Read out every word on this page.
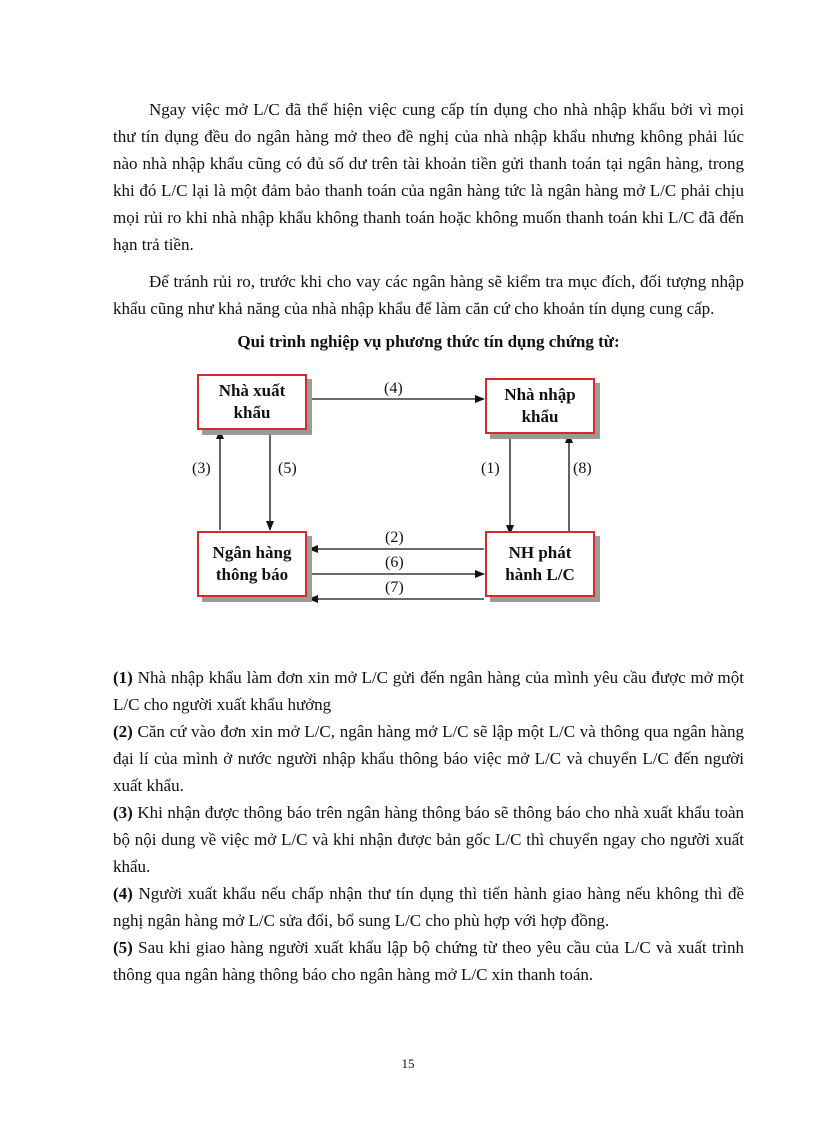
Ngay việc mở L/C đã thể hiện việc cung cấp tín dụng cho nhà nhập khẩu bởi vì mọi thư tín dụng đều do ngân hàng mở theo đề nghị của nhà nhập khẩu nhưng không phải lúc nào nhà nhập khẩu cũng có đủ số dư trên tài khoản tiền gửi thanh toán tại ngân hàng, trong khi đó L/C lại là một đảm bảo thanh toán của ngân hàng tức là ngân hàng mở L/C phải chịu mọi rủi ro khi nhà nhập khẩu không thanh toán hoặc không muốn thanh toán khi L/C đã đến hạn trả tiền.

Để tránh rủi ro, trước khi cho vay các ngân hàng sẽ kiểm tra mục đích, đối tượng nhập khẩu cũng như khả năng của nhà nhập khẩu để làm căn cứ cho khoản tín dụng cung cấp.

Qui trình nghiệp vụ phương thức tín dụng chứng từ:
Nhà xuất khẩu
Nhà nhập khẩu
Ngân hàng thông báo
NH phát hành L/C
(4)
(3)	(5)	(1)	(8)
(2)
(6)
(7)

(1) Nhà nhập khẩu làm đơn xin mở L/C gửi đến ngân hàng của mình yêu cầu được mở một L/C cho người xuất khẩu hưởng

(2) Căn cứ vào đơn xin mở L/C, ngân hàng mở L/C sẽ lập một L/C và thông qua ngân hàng đại lí của mình ở nước người nhập khẩu thông báo việc mở L/C và chuyển L/C đến người xuất khẩu.

(3) Khi nhận được thông báo trên ngân hàng thông báo sẽ thông báo cho nhà xuất khẩu toàn bộ nội dung về việc mở L/C và khi nhận được bản gốc L/C thì chuyển ngay cho người xuất khẩu.

(4) Người xuất khẩu nếu chấp nhận thư tín dụng thì tiến hành giao hàng nếu không thì đề nghị ngân hàng mở L/C sửa đổi, bổ sung L/C cho phù hợp với hợp đồng.

(5) Sau khi giao hàng người xuất khẩu lập bộ chứng từ theo yêu cầu của L/C và xuất trình thông qua ngân hàng thông báo cho ngân hàng mở L/C xin thanh toán.

15
